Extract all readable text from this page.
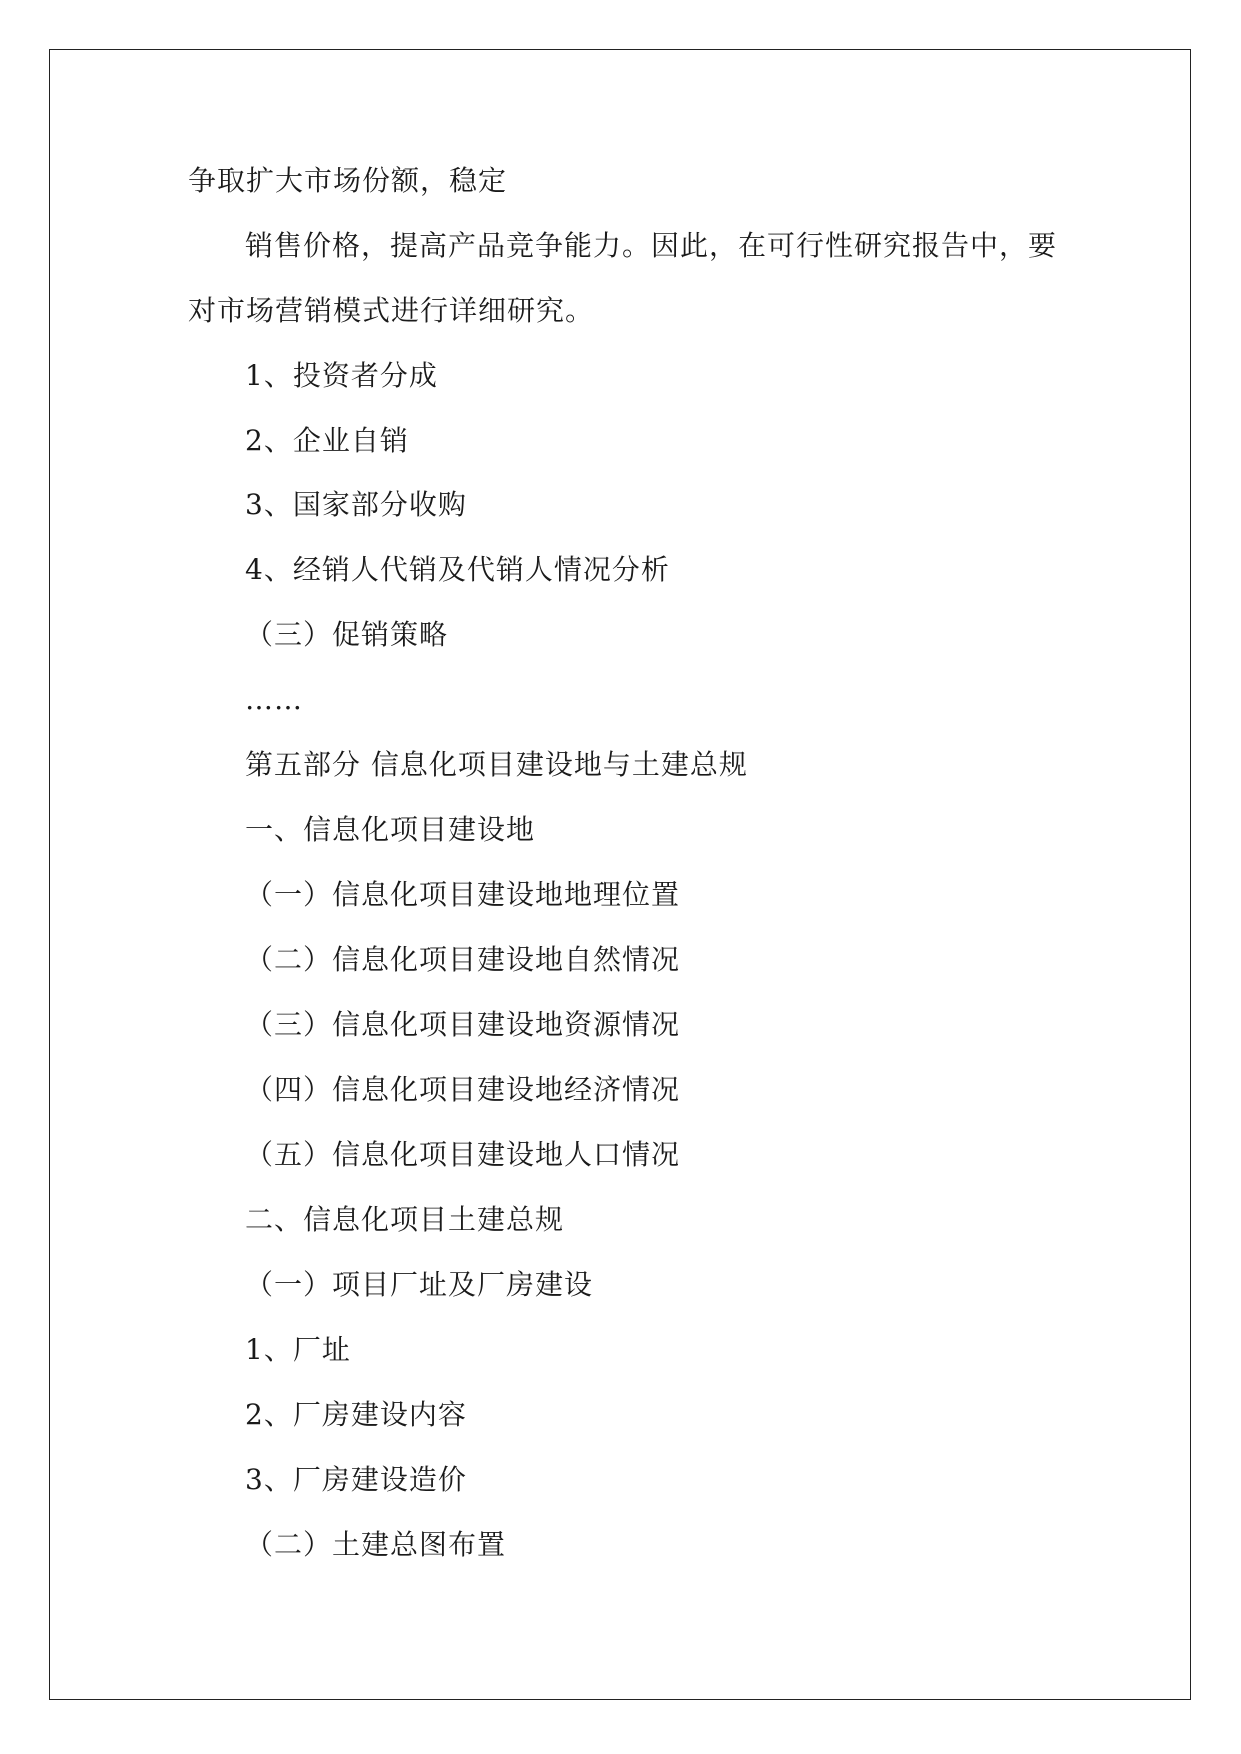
争取扩大市场份额，稳定
销售价格，提高产品竞争能力。因此，在可行性研究报告中，要
对市场营销模式进行详细研究。
1、投资者分成
2、企业自销
3、国家部分收购
4、经销人代销及代销人情况分析
（三）促销策略
……
第五部分 信息化项目建设地与土建总规
一、信息化项目建设地
（一）信息化项目建设地地理位置
（二）信息化项目建设地自然情况
（三）信息化项目建设地资源情况
（四）信息化项目建设地经济情况
（五）信息化项目建设地人口情况
二、信息化项目土建总规
（一）项目厂址及厂房建设
1、厂址
2、厂房建设内容
3、厂房建设造价
（二）土建总图布置
